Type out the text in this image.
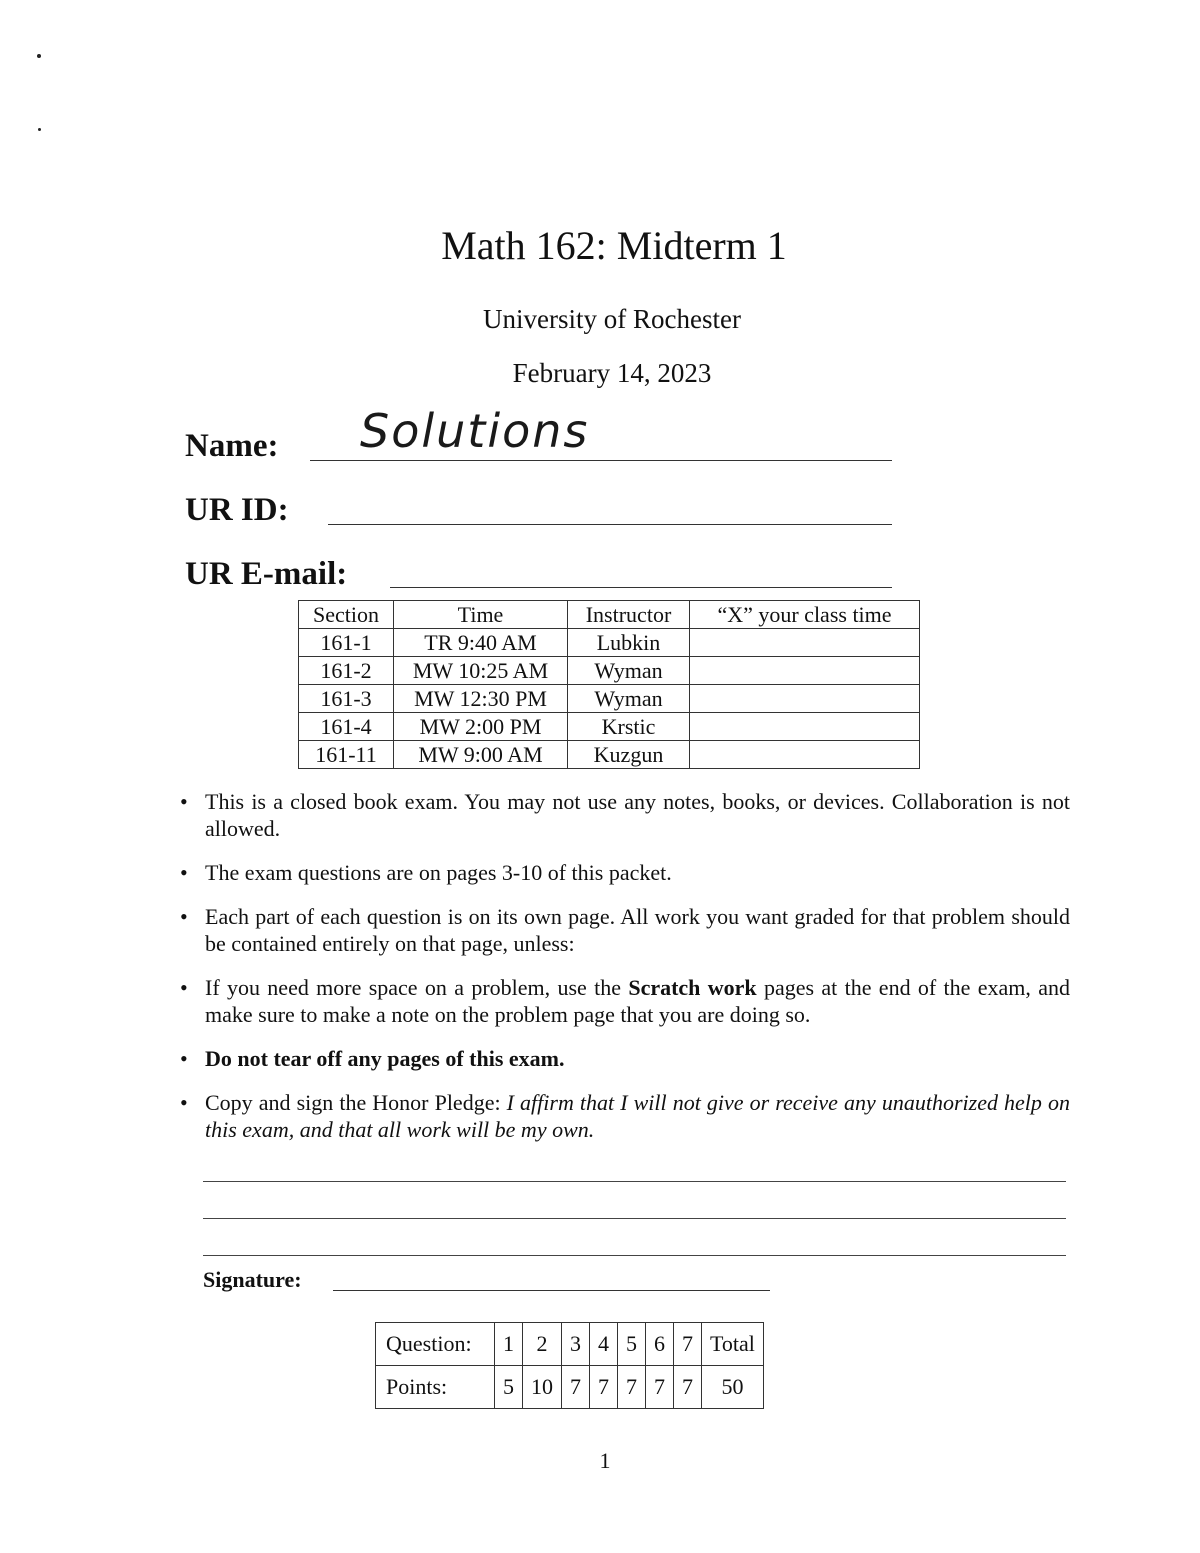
Math 162: Midterm 1
University of Rochester
February 14, 2023
Name: Solutions
UR ID:
UR E-mail:
Section	Time	Instructor	“X” your class time
161-1	TR 9:40 AM	Lubkin	
161-2	MW 10:25 AM	Wyman	
161-3	MW 12:30 PM	Wyman	
161-4	MW 2:00 PM	Krstic	
161-11	MW 9:00 AM	Kuzgun	
• This is a closed book exam. You may not use any notes, books, or devices. Collaboration is not allowed.
• The exam questions are on pages 3-10 of this packet.
• Each part of each question is on its own page. All work you want graded for that problem should be contained entirely on that page, unless:
• If you need more space on a problem, use the Scratch work pages at the end of the exam, and make sure to make a note on the problem page that you are doing so.
• Do not tear off any pages of this exam.
• Copy and sign the Honor Pledge: I affirm that I will not give or receive any unauthorized help on this exam, and that all work will be my own.
Signature:
Question:	1	2	3	4	5	6	7	Total
Points:	5	10	7	7	7	7	7	50
1
